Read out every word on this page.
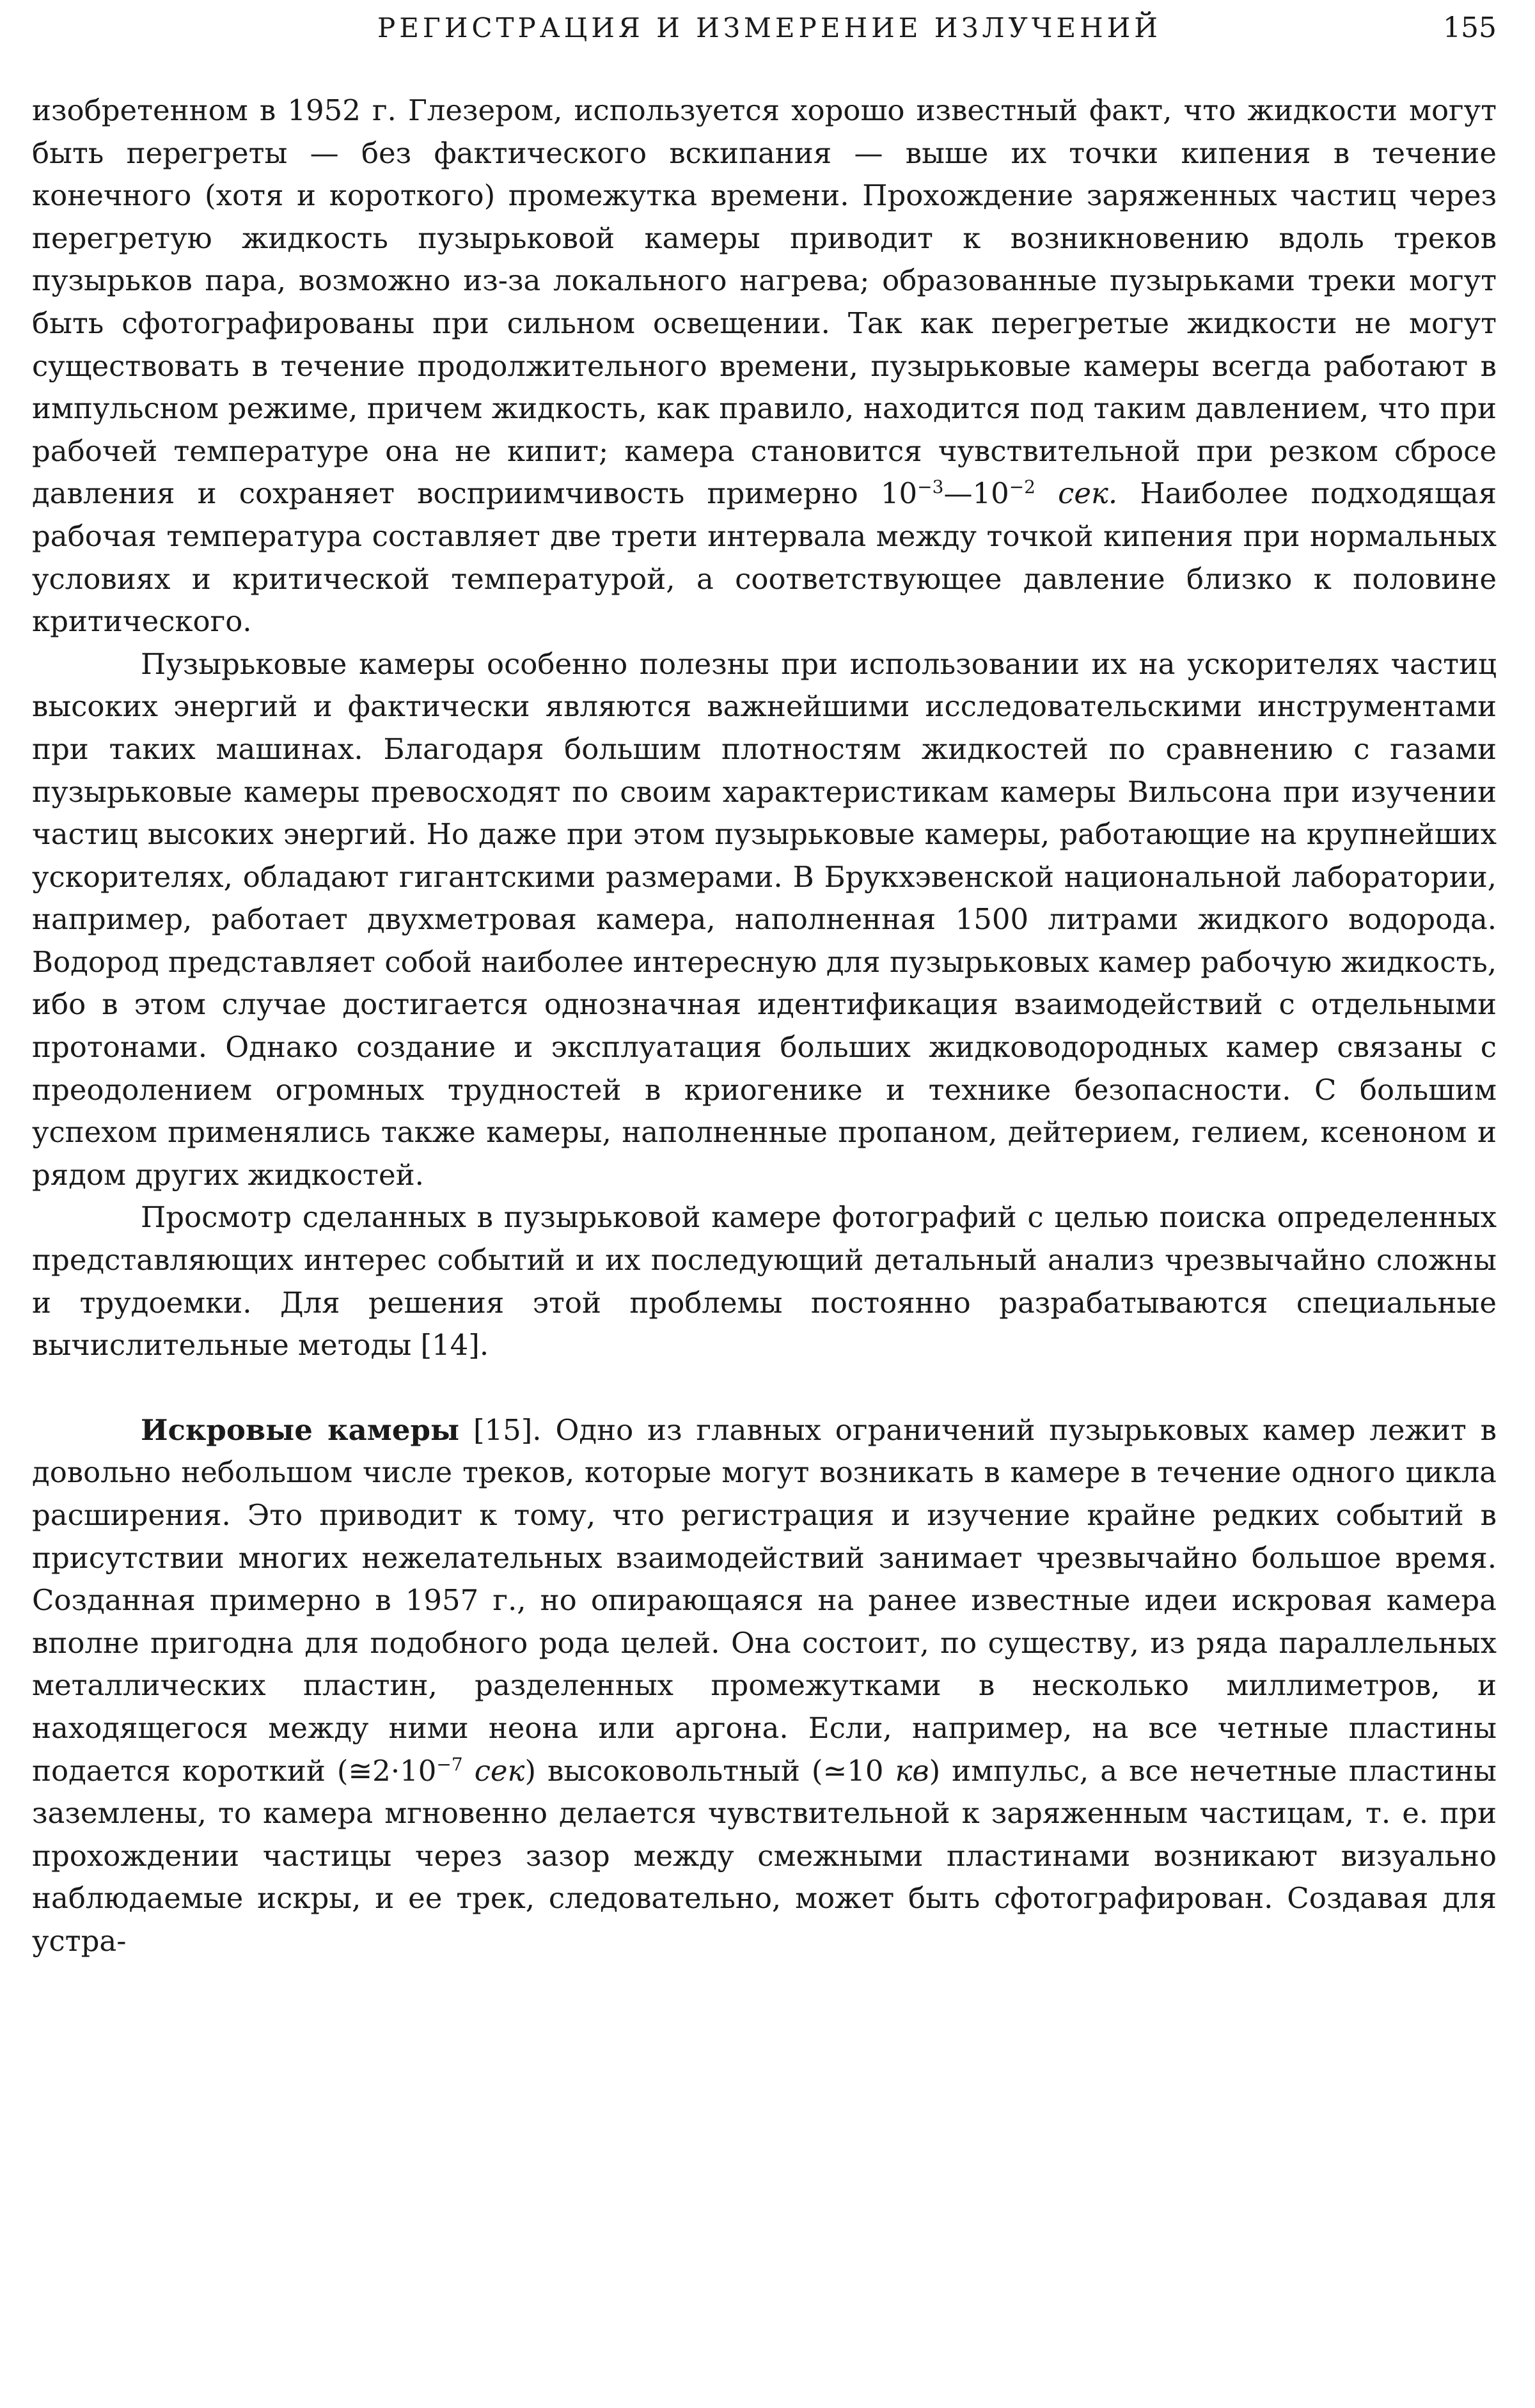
РЕГИСТРАЦИЯ И ИЗМЕРЕНИЕ ИЗЛУЧЕНИЙ	155

изобретенном в 1952 г. Глезером, используется хорошо известный факт, что жидкости могут быть перегреты — без фактического вскипания — выше их точки кипения в течение конечного (хотя и короткого) промежутка времени. Прохождение заряженных частиц через перегретую жидкость пузырьковой камеры приводит к возникновению вдоль треков пузырьков пара, возможно из-за локального нагрева; образованные пузырьками треки могут быть сфотографированы при сильном освещении. Так как перегретые жидкости не могут существовать в течение продолжительного времени, пузырьковые камеры всегда работают в импульсном режиме, причем жидкость, как правило, находится под таким давлением, что при рабочей температуре она не кипит; камера становится чувствительной при резком сбросе давления и сохраняет восприимчивость примерно $10^{-3}—10^{-2}$ сек. Наиболее подходящая рабочая температура составляет две трети интервала между точкой кипения при нормальных условиях и критической температурой, а соответствующее давление близко к половине критического.

Пузырьковые камеры особенно полезны при использовании их на ускорителях частиц высоких энергий и фактически являются важнейшими исследовательскими инструментами при таких машинах. Благодаря большим плотностям жидкостей по сравнению с газами пузырьковые камеры превосходят по своим характеристикам камеры Вильсона при изучении частиц высоких энергий. Но даже при этом пузырьковые камеры, работающие на крупнейших ускорителях, обладают гигантскими размерами. В Брукхэвенской национальной лаборатории, например, работает двухметровая камера, наполненная 1500 литрами жидкого водорода. Водород представляет собой наиболее интересную для пузырьковых камер рабочую жидкость, ибо в этом случае достигается однозначная идентификация взаимодействий с отдельными протонами. Однако создание и эксплуатация больших жидководородных камер связаны с преодолением огромных трудностей в криогенике и технике безопасности. С большим успехом применялись также камеры, наполненные пропаном, дейтерием, гелием, ксеноном и рядом других жидкостей.

Просмотр сделанных в пузырьковой камере фотографий с целью поиска определенных представляющих интерес событий и их последующий детальный анализ чрезвычайно сложны и трудоемки. Для решения этой проблемы постоянно разрабатываются специальные вычислительные методы [14].

Искровые камеры [15]. Одно из главных ограничений пузырьковых камер лежит в довольно небольшом числе треков, которые могут возникать в камере в течение одного цикла расширения. Это приводит к тому, что регистрация и изучение крайне редких событий в присутствии многих нежелательных взаимодействий занимает чрезвычайно большое время. Созданная примерно в 1957 г., но опирающаяся на ранее известные идеи искровая камера вполне пригодна для подобного рода целей. Она состоит, по существу, из ряда параллельных металлических пластин, разделенных промежутками в несколько миллиметров, и находящегося между ними неона или аргона. Если, например, на все четные пластины подается короткий ($≅2\cdot 10^{-7}$ сек) высоковольтный (≃10 кв) импульс, а все нечетные пластины заземлены, то камера мгновенно делается чувствительной к заряженным частицам, т. е. при прохождении частицы через зазор между смежными пластинами возникают визуально наблюдаемые искры, и ее трек, следовательно, может быть сфотографирован. Создавая для устра-
